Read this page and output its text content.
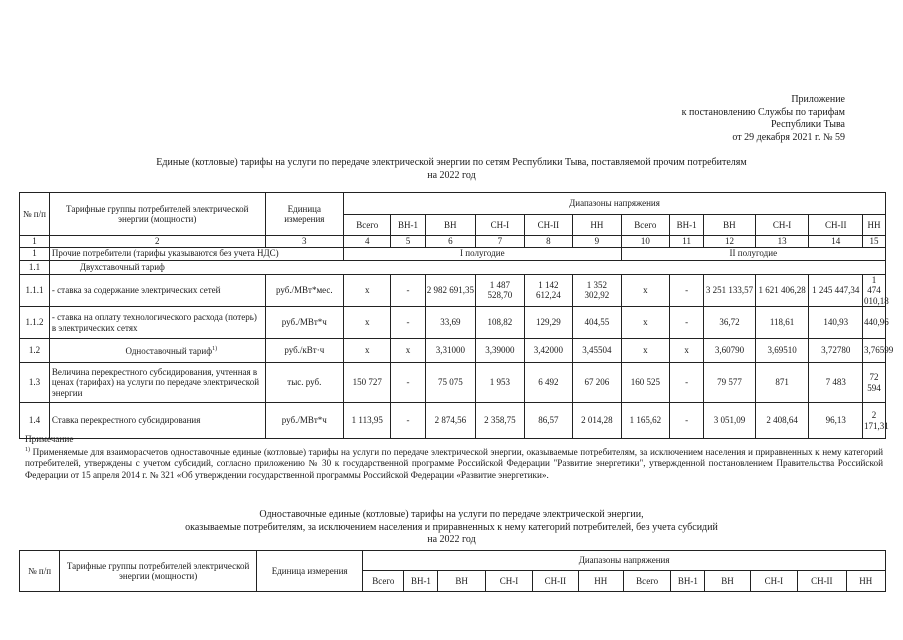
Приложение
к постановлению Службы по тарифам
Республики Тыва
от 29 декабря 2021 г. № 59
Единые (котловые) тарифы на услуги по передаче электрической энергии по сетям Республики Тыва, поставляемой прочим потребителям
на 2022 год
№ п/п	Тарифные группы потребителей электрической энергии (мощности)	Единица измерения	Диапазоны напряжения											
			Всего	ВН-1	ВН	СН-I	СН-II	НН	Всего	ВН-1	ВН	СН-I	СН-II	НН
1	2	3	4	5	6	7	8	9	10	11	12	13	14	15
1	Прочие потребители (тарифы указываются без учета НДС)		I полугодие						II полугодие					
1.1	Двухставочный тариф													
1.1.1	- ставка за содержание электрических сетей	руб./МВт*мес.	х	-	2 982 691,35	1 487 528,70	1 142 612,24	1 352 302,92	х	-	3 251 133,57	1 621 406,28	1 245 447,34	1 474 010,18
1.1.2	- ставка на оплату технологического расхода (потерь) в электрических сетях	руб./МВт*ч	х	-	33,69	108,82	129,29	404,55	х	-	36,72	118,61	140,93	440,96
1.2	Одноставочный тариф$^{1)}$	руб./кВт·ч	х	х	3,31000	3,39000	3,42000	3,45504	х	х	3,60790	3,69510	3,72780	3,76599
1.3	Величина перекрестного субсидирования, учтенная в ценах (тарифах) на услуги по передаче электрической энергии	тыс. руб.	150 727	-	75 075	1 953	6 492	67 206	160 525	-	79 577	871	7 483	72 594
1.4	Ставка перекрестного субсидирования	руб./МВт*ч	1 113,95	-	2 874,56	2 358,75	86,57	2 014,28	1 165,62	-	3 051,09	2 408,64	96,13	2 171,31
Примечание
$^{1)}$ Применяемые для взаиморасчетов одноставочные единые (котловые) тарифы на услуги по передаче электрической энергии, оказываемые потребителям, за исключением населения и приравненных к нему категорий потребителей, утверждены с учетом субсидий, согласно приложению № 30 к государственной программе Российской Федерации "Развитие энергетики", утвержденной постановлением Правительства Российской Федерации от 15 апреля 2014 г. № 321 «Об утверждении государственной программы Российской Федерации «Развитие энергетики».
Одноставочные единые (котловые) тарифы на услуги по передаче электрической энергии,
оказываемые потребителям, за исключением населения и приравненных к нему категорий потребителей, без учета субсидий
на 2022 год
№ п/п	Тарифные группы потребителей электрической энергии (мощности)	Единица измерения	Диапазоны напряжения											
			Всего	ВН-1	ВН	СН-I	СН-II	НН	Всего	ВН-1	ВН	СН-I	СН-II	НН
